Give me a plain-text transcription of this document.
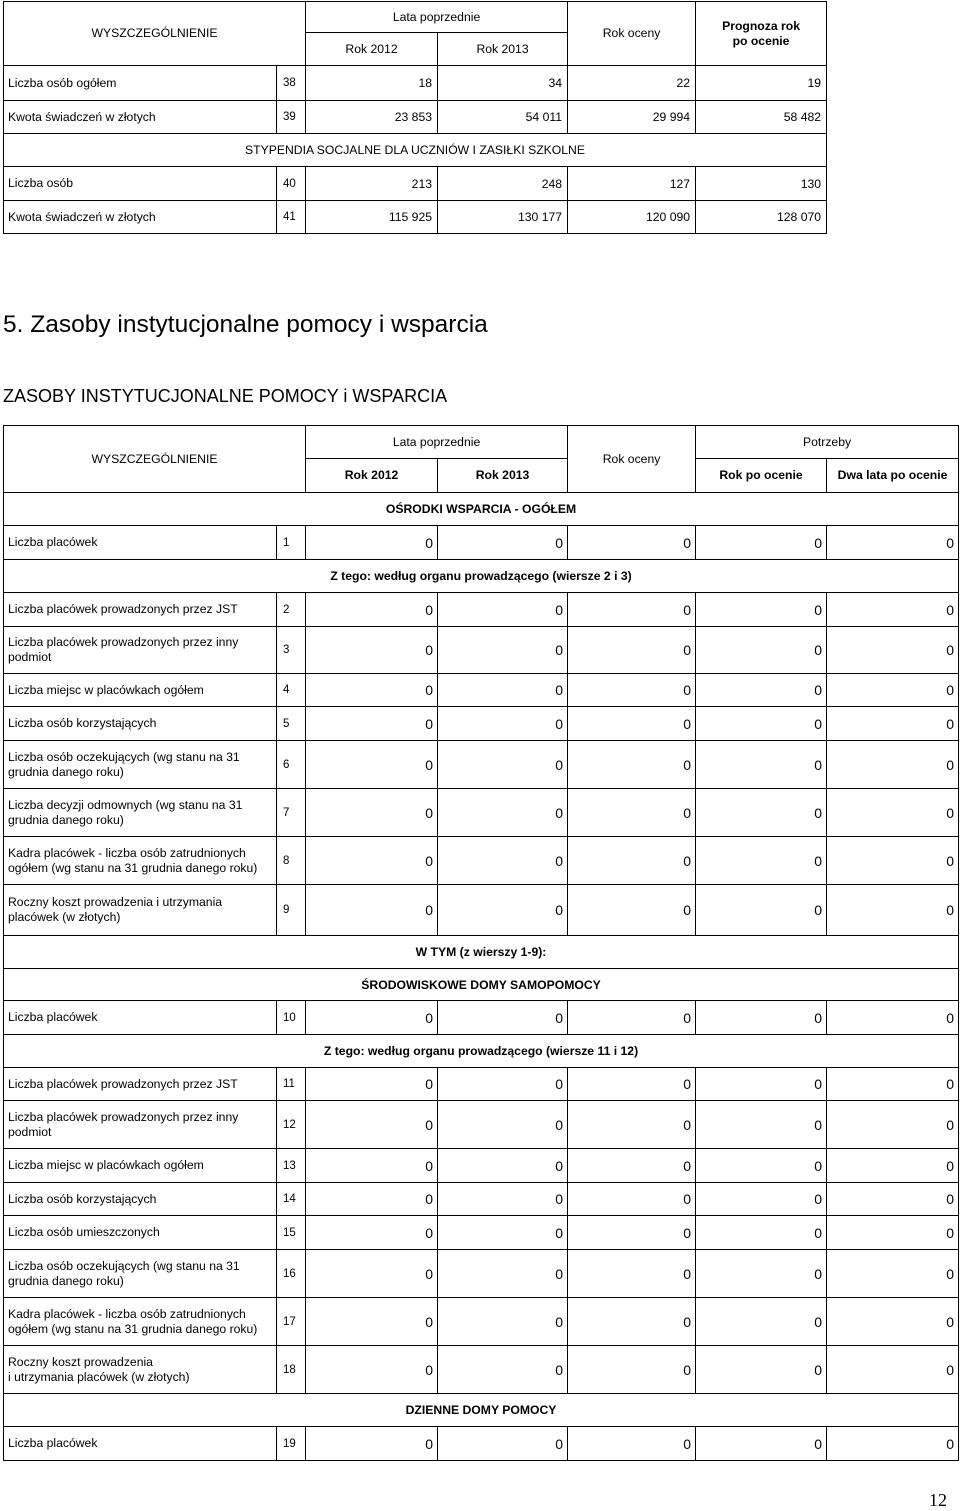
WYSZCZEGÓLNIENIE		Lata poprzednie		Rok oceny	Prognoza rok
po ocenie
		Rok 2012	Rok 2013		
Liczba osób ogółem	38	18	34	22	19
Kwota świadczeń w złotych	39	23 853	54 011	29 994	58 482
STYPENDIA SOCJALNE DLA UCZNIÓW I ZASIŁKI SZKOLNE					
Liczba osób	40	213	248	127	130
Kwota świadczeń w złotych	41	115 925	130 177	120 090	128 070
5. Zasoby instytucjonalne pomocy i wsparcia
ZASOBY INSTYTUCJONALNE POMOCY i WSPARCIA
WYSZCZEGÓLNIENIE		Lata poprzednie		Rok oceny	Potrzeby	
		Rok 2012	Rok 2013		Rok po ocenie	Dwa lata po ocenie
OŚRODKI WSPARCIA - OGÓŁEM						
Liczba placówek	1	0	0	0	0	0
Z tego: według organu prowadzącego (wiersze 2 i 3)						
Liczba placówek prowadzonych przez JST	2	0	0	0	0	0
Liczba placówek prowadzonych przez inny
podmiot	3	0	0	0	0	0
Liczba miejsc w placówkach ogółem	4	0	0	0	0	0
Liczba osób korzystających	5	0	0	0	0	0
Liczba osób oczekujących (wg stanu na 31
grudnia danego roku)	6	0	0	0	0	0
Liczba decyzji odmownych (wg stanu na 31
grudnia danego roku)	7	0	0	0	0	0
Kadra placówek - liczba osób zatrudnionych
ogółem (wg stanu na 31 grudnia danego roku)	8	0	0	0	0	0
Roczny koszt prowadzenia i utrzymania
placówek (w złotych)	9	0	0	0	0	0
W TYM (z wierszy 1-9):						
ŚRODOWISKOWE DOMY SAMOPOMOCY						
Liczba placówek	10	0	0	0	0	0
Z tego: według organu prowadzącego (wiersze 11 i 12)						
Liczba placówek prowadzonych przez JST	11	0	0	0	0	0
Liczba placówek prowadzonych przez inny
podmiot	12	0	0	0	0	0
Liczba miejsc w placówkach ogółem	13	0	0	0	0	0
Liczba osób korzystających	14	0	0	0	0	0
Liczba osób umieszczonych	15	0	0	0	0	0
Liczba osób oczekujących (wg stanu na 31
grudnia danego roku)	16	0	0	0	0	0
Kadra placówek - liczba osób zatrudnionych
ogółem (wg stanu na 31 grudnia danego roku)	17	0	0	0	0	0
Roczny koszt prowadzenia
i utrzymania placówek (w złotych)	18	0	0	0	0	0
DZIENNE DOMY POMOCY						
Liczba placówek	19	0	0	0	0	0
12
